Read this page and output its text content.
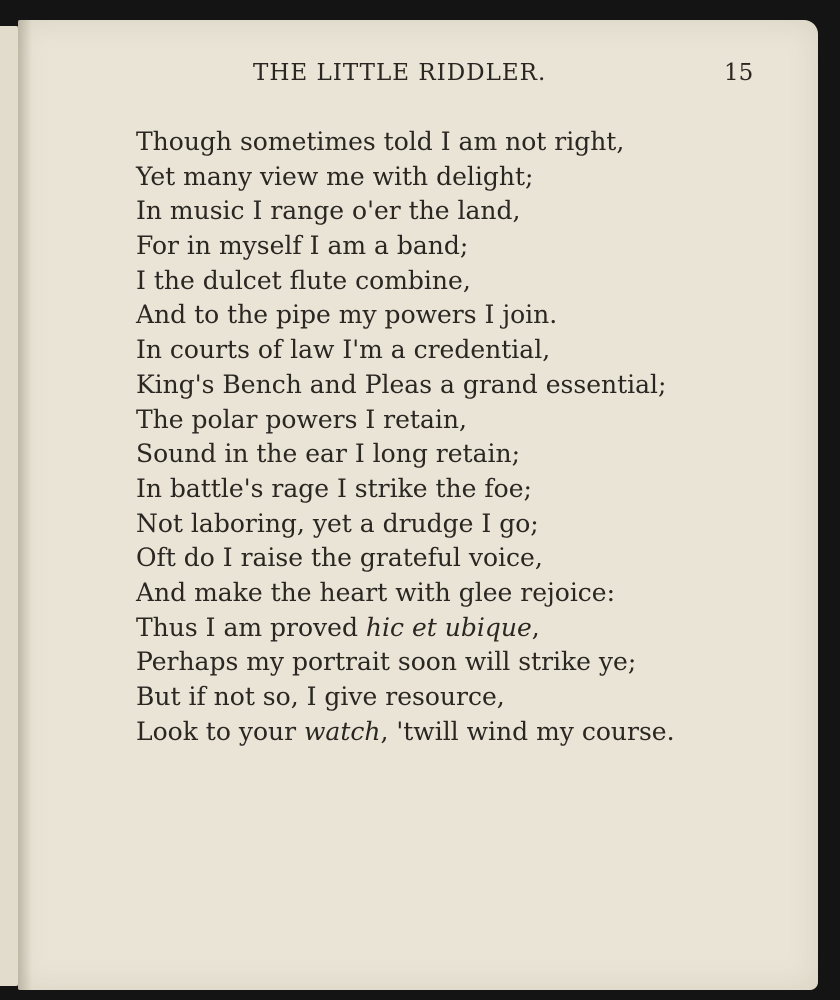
THE LITTLE RIDDLER.	15
Though sometimes told I am not right,
Yet many view me with delight;
In music I range o'er the land,
For in myself I am a band;
I the dulcet flute combine,
And to the pipe my powers I join.
In courts of law I'm a credential,
King's Bench and Pleas a grand essential;
The polar powers I retain,
Sound in the ear I long retain;
In battle's rage I strike the foe;
Not laboring, yet a drudge I go;
Oft do I raise the grateful voice,
And make the heart with glee rejoice:
Thus I am proved hic et ubique,
Perhaps my portrait soon will strike ye;
But if not so, I give resource,
Look to your watch, 'twill wind my course.
